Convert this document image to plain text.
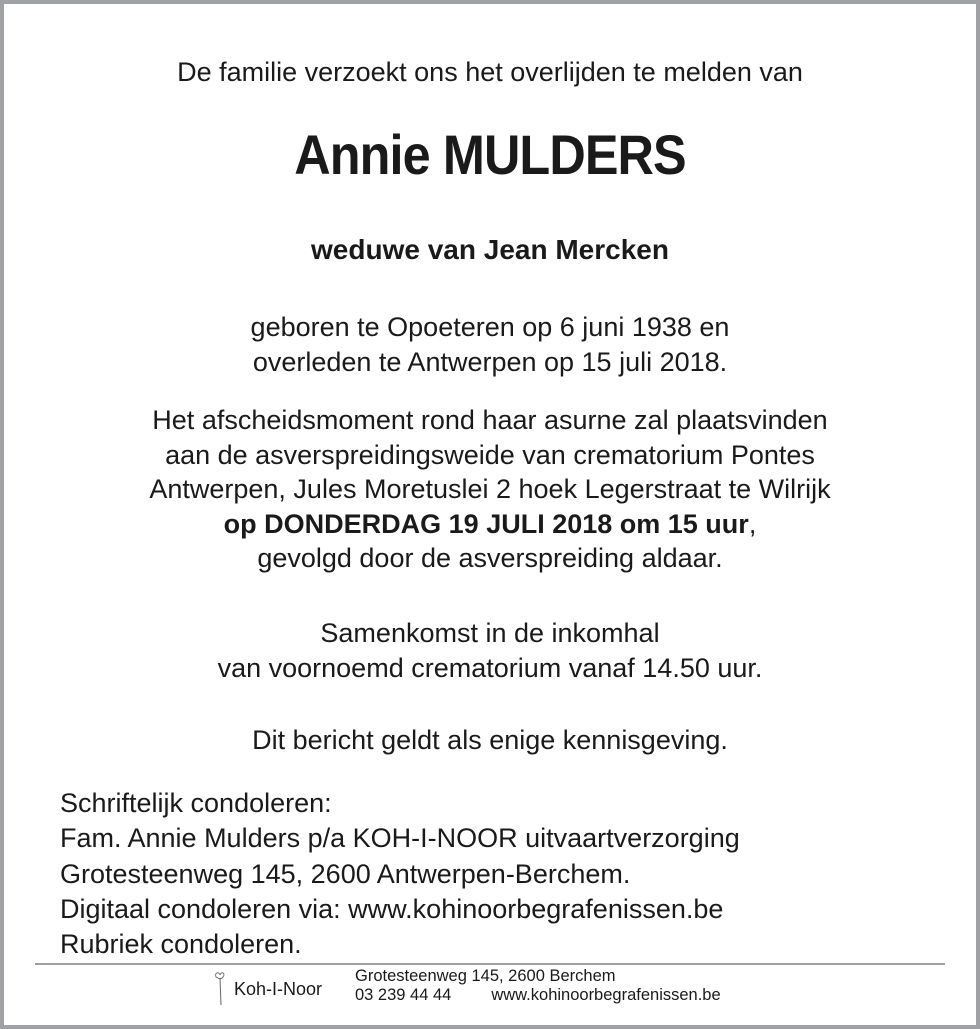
De familie verzoekt ons het overlijden te melden van
Annie MULDERS
weduwe van Jean Mercken
geboren te Opoeteren op 6 juni 1938 en
overleden te Antwerpen op 15 juli 2018.
Het afscheidsmoment rond haar asurne zal plaatsvinden
aan de asverspreidingsweide van crematorium Pontes
Antwerpen, Jules Moretuslei 2 hoek Legerstraat te Wilrijk
op DONDERDAG 19 JULI 2018 om 15 uur,
gevolgd door de asverspreiding aldaar.
Samenkomst in de inkomhal
van voornoemd crematorium vanaf 14.50 uur.
Dit bericht geldt als enige kennisgeving.
Schriftelijk condoleren:
Fam. Annie Mulders p/a KOH-I-NOOR uitvaartverzorging
Grotesteenweg 145, 2600 Antwerpen-Berchem.
Digitaal condoleren via: www.kohinoorbegrafenissen.be
Rubriek condoleren.
Koh-I-Noor
Grotesteenweg 145, 2600 Berchem
03 239 44 44 www.kohinoorbegrafenissen.be
